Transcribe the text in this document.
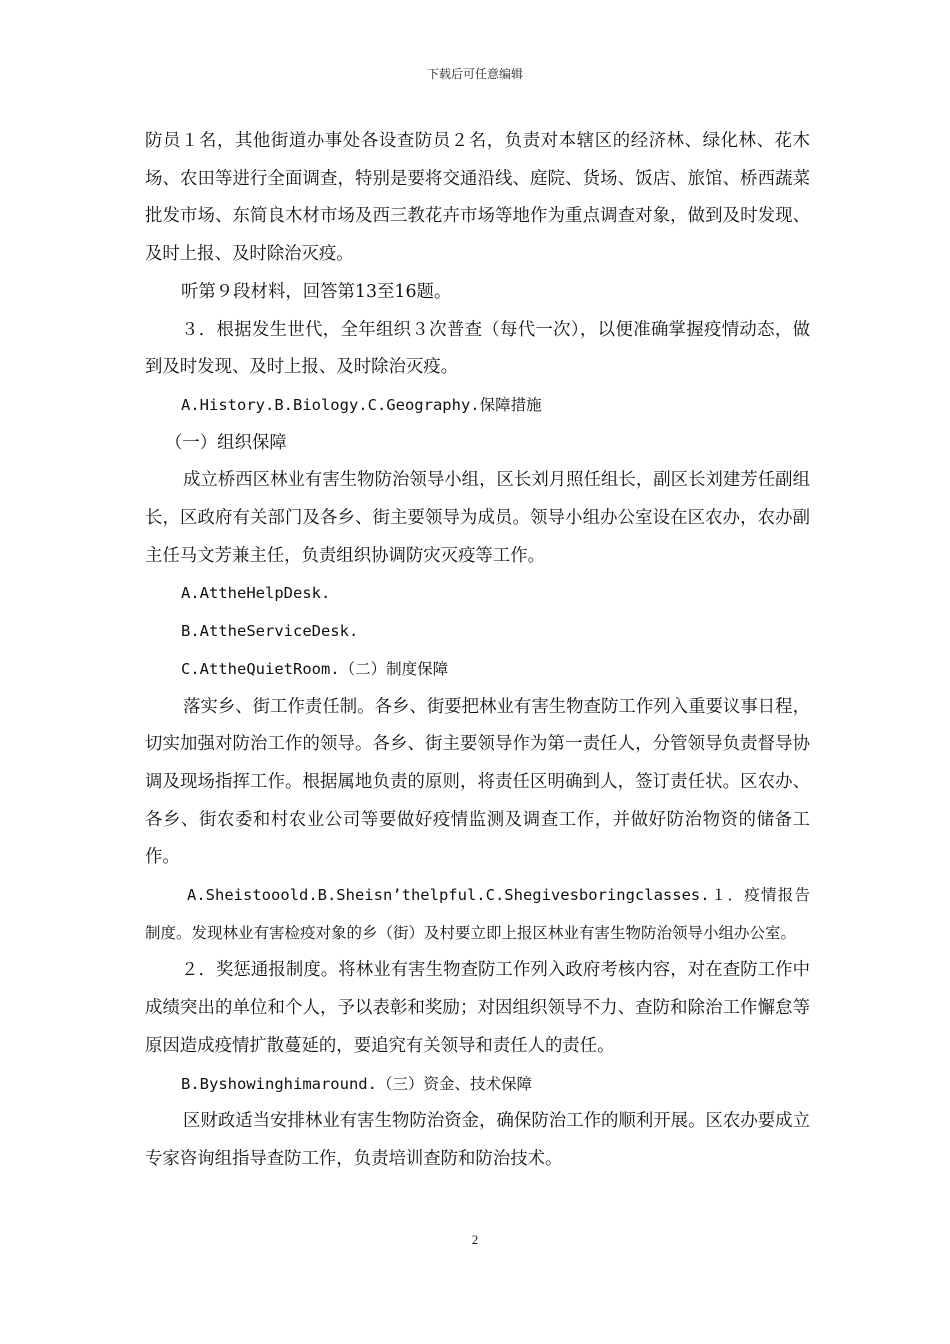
下载后可任意编辑

防员１名，其他街道办事处各设查防员２名，负责对本辖区的经济林、绿化林、花木场、农田等进行全面调查，特别是要将交通沿线、庭院、货场、饭店、旅馆、桥西蔬菜批发市场、东简良木材市场及西三教花卉市场等地作为重点调查对象，做到及时发现、及时上报、及时除治灭疫。

听第９段材料，回答第13至16题。

３．根据发生世代，全年组织３次普查（每代一次），以便准确掌握疫情动态，做到及时发现、及时上报、及时除治灭疫。

A.History.B.Biology.C.Geography.保障措施

（一）组织保障

成立桥西区林业有害生物防治领导小组，区长刘月照任组长，副区长刘建芳任副组长，区政府有关部门及各乡、街主要领导为成员。领导小组办公室设在区农办，农办副主任马文芳兼主任，负责组织协调防灾灭疫等工作。

A.AttheHelpDesk.

B.AttheServiceDesk.

C.AttheQuietRoom.（二）制度保障

落实乡、街工作责任制。各乡、街要把林业有害生物查防工作列入重要议事日程，切实加强对防治工作的领导。各乡、街主要领导作为第一责任人，分管领导负责督导协调及现场指挥工作。根据属地负责的原则，将责任区明确到人，签订责任状。区农办、各乡、街农委和村农业公司等要做好疫情监测及调查工作，并做好防治物资的储备工作。

A.Sheistooold.B.Sheisn’thelpful.C.Shegivesboringclasses.１．疫情报告制度。发现林业有害检疫对象的乡（街）及村要立即上报区林业有害生物防治领导小组办公室。

２．奖惩通报制度。将林业有害生物查防工作列入政府考核内容，对在查防工作中成绩突出的单位和个人，予以表彰和奖励；对因组织领导不力、查防和除治工作懈怠等原因造成疫情扩散蔓延的，要追究有关领导和责任人的责任。

B.Byshowinghimaround.（三）资金、技术保障

区财政适当安排林业有害生物防治资金，确保防治工作的顺利开展。区农办要成立专家咨询组指导查防工作，负责培训查防和防治技术。

2
